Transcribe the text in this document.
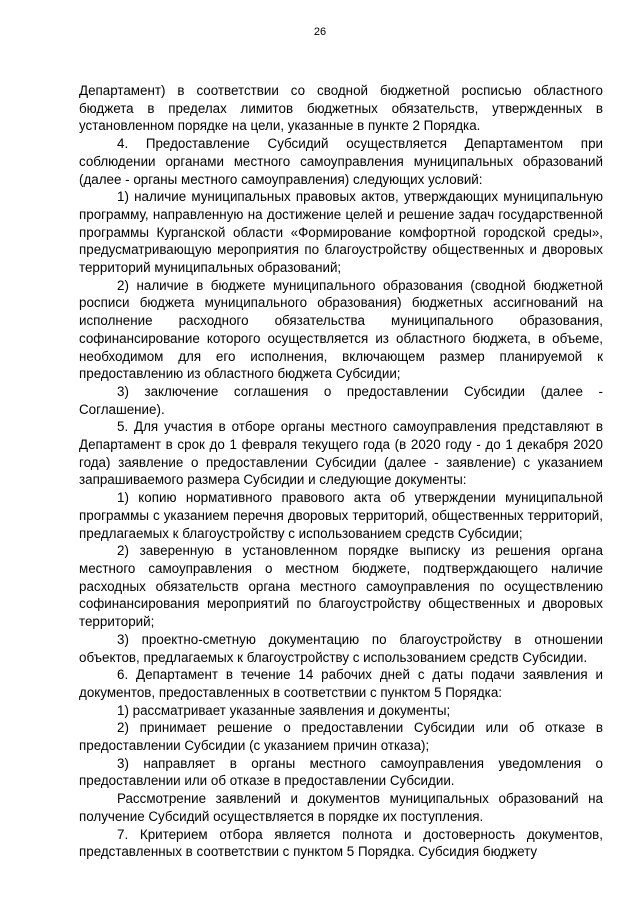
26

Департамент) в соответствии со сводной бюджетной росписью областного бюджета в пределах лимитов бюджетных обязательств, утвержденных в установленном порядке на цели, указанные в пункте 2 Порядка.

4. Предоставление Субсидий осуществляется Департаментом при соблюдении органами местного самоуправления муниципальных образований (далее - органы местного самоуправления) следующих условий:

1) наличие муниципальных правовых актов, утверждающих муниципальную программу, направленную на достижение целей и решение задач государственной программы Курганской области «Формирование комфортной городской среды», предусматривающую мероприятия по благоустройству общественных и дворовых территорий муниципальных образований;

2) наличие в бюджете муниципального образования (сводной бюджетной росписи бюджета муниципального образования) бюджетных ассигнований на исполнение расходного обязательства муниципального образования, софинансирование которого осуществляется из областного бюджета, в объеме, необходимом для его исполнения, включающем размер планируемой к предоставлению из областного бюджета Субсидии;

3) заключение соглашения о предоставлении Субсидии (далее - Соглашение).

5. Для участия в отборе органы местного самоуправления представляют в Департамент в срок до 1 февраля текущего года (в 2020 году - до 1 декабря 2020 года) заявление о предоставлении Субсидии (далее - заявление) с указанием запрашиваемого размера Субсидии и следующие документы:

1) копию нормативного правового акта об утверждении муниципальной программы с указанием перечня дворовых территорий, общественных территорий, предлагаемых к благоустройству с использованием средств Субсидии;

2) заверенную в установленном порядке выписку из решения органа местного самоуправления о местном бюджете, подтверждающего наличие расходных обязательств органа местного самоуправления по осуществлению софинансирования мероприятий по благоустройству общественных и дворовых территорий;

3) проектно-сметную документацию по благоустройству в отношении объектов, предлагаемых к благоустройству с использованием средств Субсидии.

6. Департамент в течение 14 рабочих дней с даты подачи заявления и документов, предоставленных в соответствии с пунктом 5 Порядка:

1) рассматривает указанные заявления и документы;

2) принимает решение о предоставлении Субсидии или об отказе в предоставлении Субсидии (с указанием причин отказа);

3) направляет в органы местного самоуправления уведомления о предоставлении или об отказе в предоставлении Субсидии.

Рассмотрение заявлений и документов муниципальных образований на получение Субсидий осуществляется в порядке их поступления.

7. Критерием отбора является полнота и достоверность документов, представленных в соответствии с пунктом 5 Порядка. Субсидия бюджету
